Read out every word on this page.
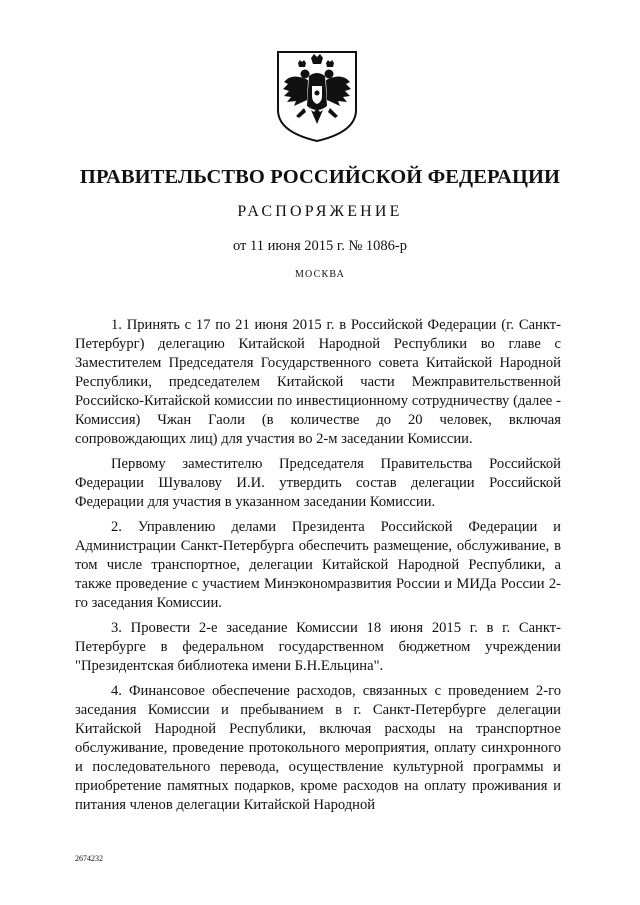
ПРАВИТЕЛЬСТВО РОССИЙСКОЙ ФЕДЕРАЦИИ
РАСПОРЯЖЕНИЕ
от 11 июня 2015 г. № 1086-р
МОСКВА

1. Принять с 17 по 21 июня 2015 г. в Российской Федерации (г. Санкт-Петербург) делегацию Китайской Народной Республики во главе с Заместителем Председателя Государственного совета Китайской Народной Республики, председателем Китайской части Межправительственной Российско-Китайской комиссии по инвестиционному сотрудничеству (далее - Комиссия) Чжан Гаоли (в количестве до 20 человек, включая сопровождающих лиц) для участия во 2-м заседании Комиссии.

Первому заместителю Председателя Правительства Российской Федерации Шувалову И.И. утвердить состав делегации Российской Федерации для участия в указанном заседании Комиссии.

2. Управлению делами Президента Российской Федерации и Администрации Санкт-Петербурга обеспечить размещение, обслуживание, в том числе транспортное, делегации Китайской Народной Республики, а также проведение с участием Минэкономразвития России и МИДа России 2-го заседания Комиссии.

3. Провести 2-е заседание Комиссии 18 июня 2015 г. в г. Санкт-Петербурге в федеральном государственном бюджетном учреждении "Президентская библиотека имени Б.Н.Ельцина".

4. Финансовое обеспечение расходов, связанных с проведением 2-го заседания Комиссии и пребыванием в г. Санкт-Петербурге делегации Китайской Народной Республики, включая расходы на транспортное обслуживание, проведение протокольного мероприятия, оплату синхронного и последовательного перевода, осуществление культурной программы и приобретение памятных подарков, кроме расходов на оплату проживания и питания членов делегации Китайской Народной

2674232
